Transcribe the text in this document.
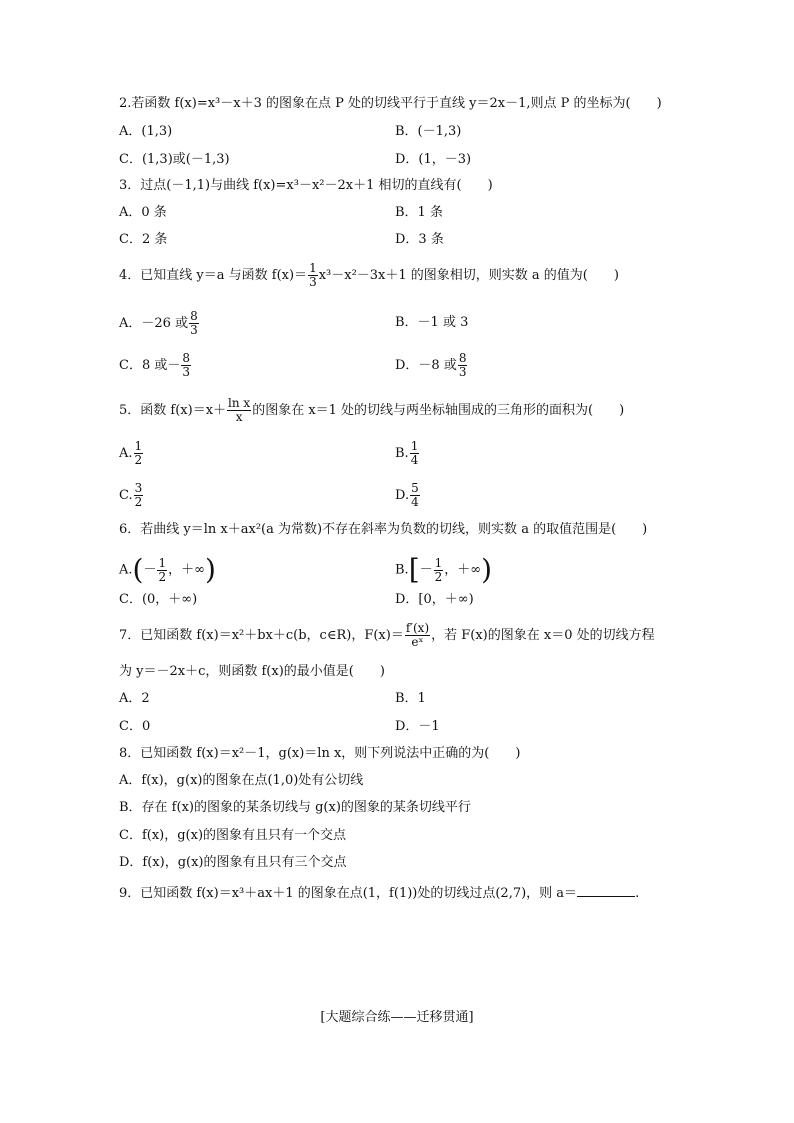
2.若函数 f(x)=x³－x＋3 的图象在点 P 处的切线平行于直线 y＝2x－1,则点 P 的坐标为(　　)
A．(1,3)	B．(－1,3)
C．(1,3)或(－1,3)	D．(1，－3)
3．过点(－1,1)与曲线 f(x)=x³－x²－2x＋1 相切的直线有(　　)
A．0 条	B．1 条
C．2 条	D．3 条
4．已知直线 y＝a 与函数 $f(x)= \frac{1}{3} x^3-x^2-3x+1$ 的图象相切，则实数 a 的值为(　　)
A．－26 或 $\frac{8}{3}$	B．－1 或 3
C．8 或－ $\frac{8}{3}$	D．－8 或 $\frac{8}{3}$
5．函数 $f(x)=x+ \frac{\text{ln x}}{x}$ 的图象在 x＝1 处的切线与两坐标轴围成的三角形的面积为(　　)
A. $\frac{1}{2}$	B. $\frac{1}{4}$
C. $\frac{3}{2}$	D. $\frac{5}{4}$
6．若曲线 y＝ln x＋ax²(a 为常数)不存在斜率为负数的切线，则实数 a 的取值范围是(　　)
$A.(- \frac{1}{2}$ ，＋∞)	$B.[- \frac{1}{2}$ ，＋∞)
C．(0，＋∞)	D．[0，＋∞)
7．已知函数 f(x)＝x²＋bx＋c(b，c∈R)，$F(x)= \frac{f'(x)}{\text{eˣ}}$ ，若 F(x)的图象在 x＝0 处的切线方程
为 y＝－2x＋c，则函数 f(x)的最小值是(　　)
A．2	B．1
C．0	D．－1
8．已知函数 f(x)＝x²－1，g(x)＝ln x，则下列说法中正确的为(　　)
A．f(x)，g(x)的图象在点(1,0)处有公切线
B．存在 f(x)的图象的某条切线与 g(x)的图象的某条切线平行
C．f(x)，g(x)的图象有且只有一个交点
D．f(x)，g(x)的图象有且只有三个交点
9．已知函数 f(x)＝x³＋ax＋1 的图象在点(1，f(1))处的切线过点(2,7)，则 a＝	.
[大题综合练——迁移贯通]
